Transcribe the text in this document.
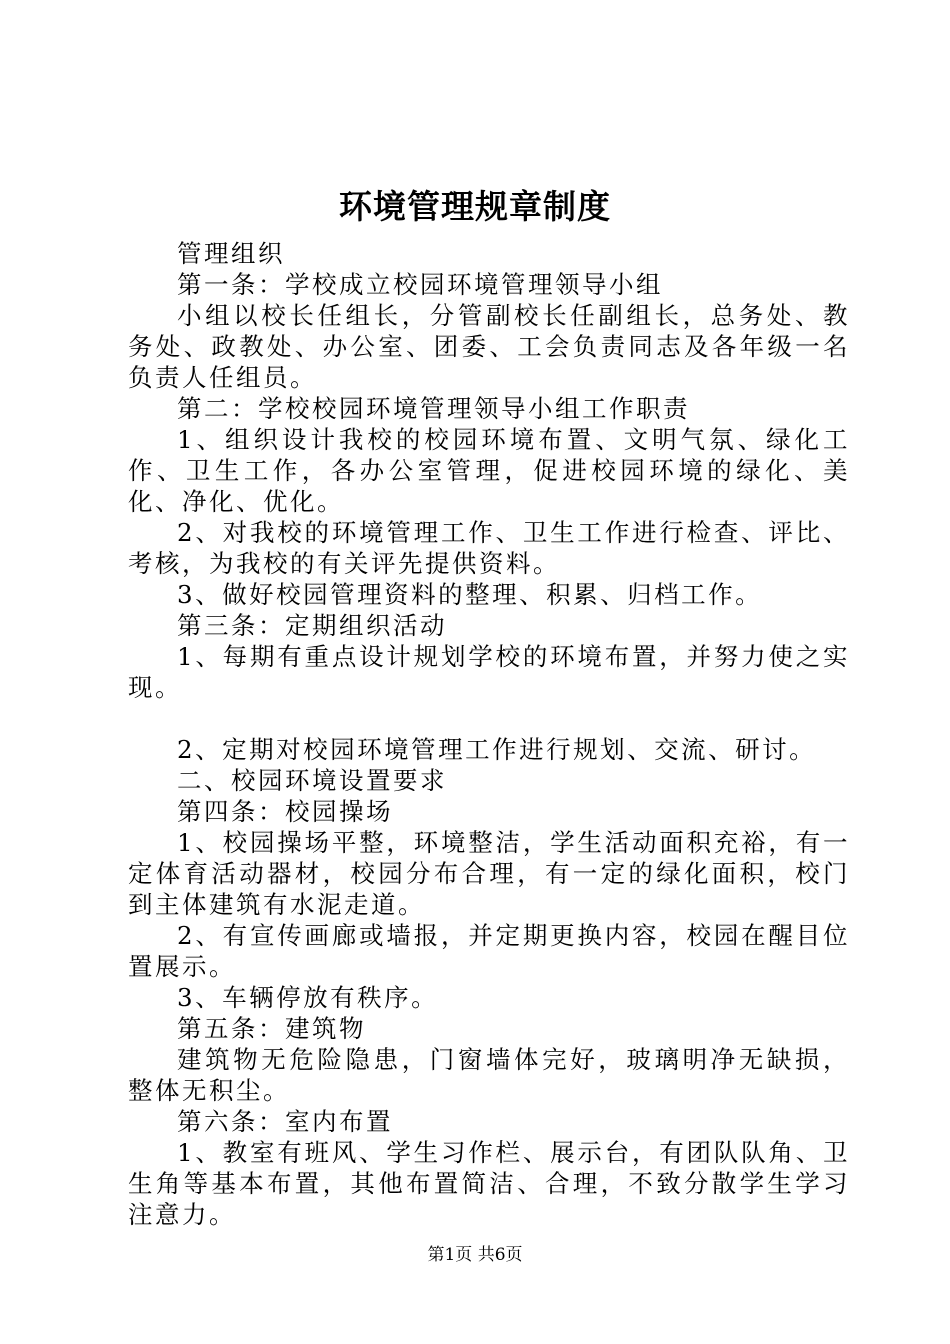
环境管理规章制度

管理组织

第一条：学校成立校园环境管理领导小组

小组以校长任组长，分管副校长任副组长，总务处、教务处、政教处、办公室、团委、工会负责同志及各年级一名负责人任组员。

第二：学校校园环境管理领导小组工作职责

1、组织设计我校的校园环境布置、文明气氛、绿化工作、卫生工作，各办公室管理，促进校园环境的绿化、美化、净化、优化。

2、对我校的环境管理工作、卫生工作进行检查、评比、考核，为我校的有关评先提供资料。

3、做好校园管理资料的整理、积累、归档工作。

第三条：定期组织活动

1、每期有重点设计规划学校的环境布置，并努力使之实现。

2、定期对校园环境管理工作进行规划、交流、研讨。

二、校园环境设置要求

第四条：校园操场

1、校园操场平整，环境整洁，学生活动面积充裕，有一定体育活动器材，校园分布合理，有一定的绿化面积，校门到主体建筑有水泥走道。

2、有宣传画廊或墙报，并定期更换内容，校园在醒目位置展示。

3、车辆停放有秩序。

第五条：建筑物

建筑物无危险隐患，门窗墙体完好，玻璃明净无缺损，整体无积尘。

第六条：室内布置

1、教室有班风、学生习作栏、展示台，有团队队角、卫生角等基本布置，其他布置简洁、合理，不致分散学生学习注意力。

第1页 共6页
